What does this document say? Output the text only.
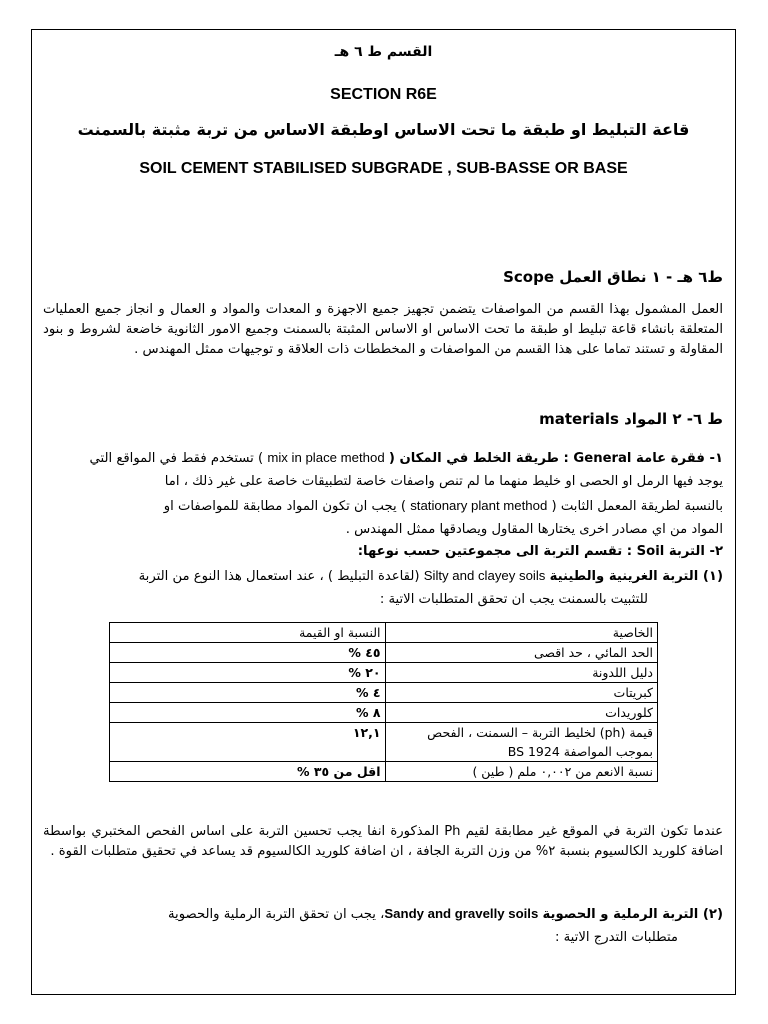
القسم ط ٦ هـ
SECTION R6E
قاعة التبليط او طبقة ما تحت الاساس اوطبقة الاساس من تربة مثبتة بالسمنت
SOIL CEMENT STABILISED SUBGRADE , SUB-BASSE OR BASE
ط٦ هـ - ١ نطاق العمل Scope
العمل المشمول بهذا القسم من المواصفات يتضمن تجهيز جميع الاجهزة و المعدات والمواد و العمال و انجاز جميع العمليات المتعلقة بانشاء قاعة تبليط او طبقة ما تحت الاساس او الاساس المثبتة بالسمنت وجميع الامور الثانوية خاضعة لشروط و بنود المقاولة و تستند تماما على هذا القسم من المواصفات و المخططات ذات العلاقة و توجيهات ممثل المهندس .
ط ٦- ٢ المواد materials
١- فقرة عامة General : طريقة الخلط في المكان ( mix in place method ) تستخدم فقط في المواقع التي
يوجد فيها الرمل او الحصى او خليط منهما ما لم تنص واصفات خاصة لتطبيقات خاصة على غير ذلك ، اما
بالنسبة لطريقة المعمل الثابت ( stationary plant method ) يجب ان تكون المواد مطابقة للمواصفات او
المواد من اي مصادر اخرى يختارها المقاول ويصادقها ممثل المهندس .
٢- التربة Soil : تقسم التربة الى مجموعتين حسب نوعها:
(١) التربة الغرينية والطينية Silty and clayey soils (لقاعدة التبليط ) ، عند استعمال هذا النوع من التربة
للتثبيت بالسمنت يجب ان تحقق المتطلبات الاتية :
الخاصية	النسبة او القيمة
الحد المائي ، حد اقصى	٤٥ %
دليل اللدونة	٢٠ %
كبريتات	٤ %
كلوريدات	٨ %
قيمة (ph) لخليط التربة – السمنت ، الفحص بموجب المواصفة BS 1924	١٢,١
نسبة الانعم من ٠,٠٠٢ ملم ( طين )	اقل من ٣٥ %
عندما تكون التربة في الموقع غير مطابقة لقيم Ph المذكورة انفا يجب تحسين التربة على اساس الفحص المختبري بواسطة اضافة كلوريد الكالسيوم بنسبة ٢% من وزن التربة الجافة ، ان اضافة كلوريد الكالسيوم قد يساعد في تحقيق متطلبات القوة .
(٢) التربة الرملية و الحصوية Sandy and gravelly soils، يجب ان تحقق التربة الرملية والحصوية
متطلبات التدرج الاتية :
